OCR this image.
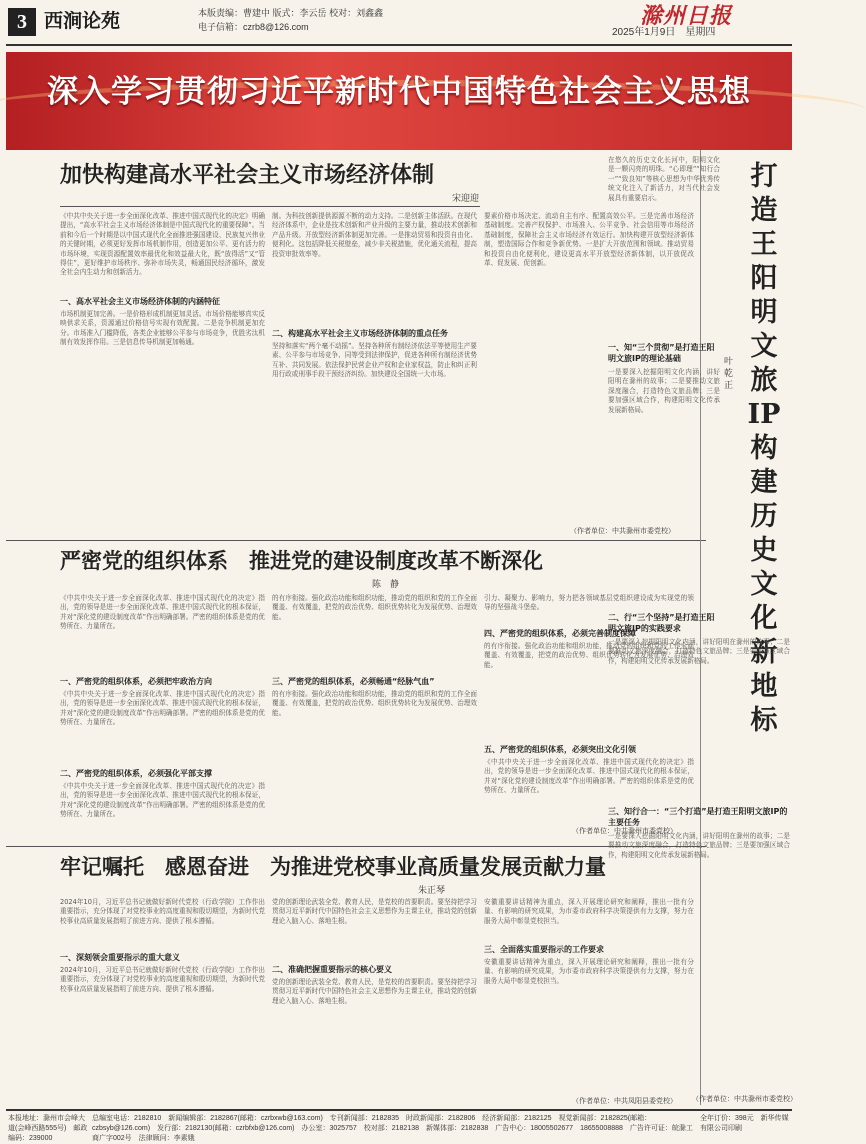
3 西涧论苑	本版责编：曹建中 版式：李云岳 校对：刘鑫鑫
电子信箱：czrb8@126.com	滁州日报
2025年1月9日　星期四
深入学习贯彻习近平新时代中国特色社会主义思想
加快构建高水平社会主义市场经济体制
宋迎迎
《中共中央关于进一步全面深化改革、推进中国式现代化的决定》明确提出，“高水平社会主义市场经济体制是中国式现代化的重要保障”。当前和今后一个时期是以中国式现代化全面推进强国建设、民族复兴伟业的关键时期，必须更好发挥市场机制作用，创造更加公平、更有活力的市场环境，实现资源配置效率最优化和效益最大化，既“放得活”又“管得住”，更好维护市场秩序、弥补市场失灵，畅通国民经济循环，激发全社会内生动力和创新活力。
一、高水平社会主义市场经济体制的内涵特征
市场机制更加完善。一是价格形成机制更加灵活。市场价格能够真实反映供求关系，资源通过价格信号实现有效配置。二是竞争机制更加充分。市场准入门槛降低，各类企业能够公平参与市场竞争，优胜劣汰机制有效发挥作用。三是信息传导机制更加畅通。
制。为科技创新提供源源不断的动力支持。二是创新主体活跃。在现代经济体系中，企业是技术创新和产业升级的主要力量，推动技术创新和产品升级。开放型经济新体制更加完善。一是推动贸易和投资自由化、便利化。这包括降低关税壁垒，减少非关税措施，优化通关流程，提高投资审批效率等。
二、构建高水平社会主义市场经济体制的重点任务
坚持和落实“两个毫不动摇”。坚持各种所有制经济依法平等使用生产要素、公平参与市场竞争、同等受到法律保护，促进各种所有制经济优势互补、共同发展。依法保护民营企业产权和企业家权益，防止和纠正利用行政或刑事手段干预经济纠纷。加快建设全国统一大市场。
要素价格市场决定、流动自主有序、配置高效公平。三是完善市场经济基础制度。完善产权保护、市场准入、公平竞争、社会信用等市场经济基础制度，保障社会主义市场经济有效运行。加快构建开放型经济新体制，塑造国际合作和竞争新优势。一是扩大开放范围和领域。推动贸易和投资自由化便利化，建设更高水平开放型经济新体制，以开放促改革、促发展、促创新。
（作者单位：中共滁州市委党校）
严密党的组织体系　推进党的建设制度改革不断深化
陈　静
《中共中央关于进一步全面深化改革、推进中国式现代化的决定》指出，党的领导是进一步全面深化改革、推进中国式现代化的根本保证，并对“深化党的建设制度改革”作出明确部署。严密的组织体系是党的优势所在、力量所在。
一、严密党的组织体系，必须把牢政治方向
《中共中央关于进一步全面深化改革、推进中国式现代化的决定》指出，党的领导是进一步全面深化改革、推进中国式现代化的根本保证，并对“深化党的建设制度改革”作出明确部署。严密的组织体系是党的优势所在、力量所在。
二、严密党的组织体系，必须强化平部支撑
《中共中央关于进一步全面深化改革、推进中国式现代化的决定》指出，党的领导是进一步全面深化改革、推进中国式现代化的根本保证，并对“深化党的建设制度改革”作出明确部署。严密的组织体系是党的优势所在、力量所在。
的有序衔接。强化政治功能和组织功能，推动党的组织和党的工作全面覆盖、有效覆盖，把党的政治优势、组织优势转化为发展优势、治理效能。
三、严密党的组织体系，必须畅通“经脉气血”
的有序衔接。强化政治功能和组织功能，推动党的组织和党的工作全面覆盖、有效覆盖，把党的政治优势、组织优势转化为发展优势、治理效能。
引力、凝聚力、影响力，努力把各领域基层党组织建设成为实现党的领导的坚强战斗堡垒。
四、严密党的组织体系，必须完善制度保障
的有序衔接。强化政治功能和组织功能，推动党的组织和党的工作全面覆盖、有效覆盖，把党的政治优势、组织优势转化为发展优势、治理效能。
五、严密党的组织体系，必须突出文化引领
《中共中央关于进一步全面深化改革、推进中国式现代化的决定》指出，党的领导是进一步全面深化改革、推进中国式现代化的根本保证，并对“深化党的建设制度改革”作出明确部署。严密的组织体系是党的优势所在、力量所在。
（作者单位：中共滁州市委党校）
牢记嘱托　感恩奋进　为推进党校事业高质量发展贡献力量
朱正琴
2024年10月，习近平总书记就做好新时代党校（行政学院）工作作出重要指示，充分体现了对党校事业的高度重视和殷切期望，为新时代党校事业高质量发展指明了前进方向、提供了根本遵循。
一、深刻领会重要指示的重大意义
2024年10月，习近平总书记就做好新时代党校（行政学院）工作作出重要指示，充分体现了对党校事业的高度重视和殷切期望，为新时代党校事业高质量发展指明了前进方向、提供了根本遵循。
党的创新理论武装全党、教育人民，是党校的首要职责。要坚持把学习贯彻习近平新时代中国特色社会主义思想作为主课主业，推动党的创新理论入脑入心、落地生根。
二、准确把握重要指示的核心要义
党的创新理论武装全党、教育人民，是党校的首要职责。要坚持把学习贯彻习近平新时代中国特色社会主义思想作为主课主业，推动党的创新理论入脑入心、落地生根。
安徽重要讲话精神为重点，深入开展理论研究和阐释，推出一批有分量、有影响的研究成果，为市委市政府科学决策提供有力支撑，努力在服务大局中彰显党校担当。
三、全面落实重要指示的工作要求
安徽重要讲话精神为重点，深入开展理论研究和阐释，推出一批有分量、有影响的研究成果，为市委市政府科学决策提供有力支撑，努力在服务大局中彰显党校担当。
（作者单位：中共凤阳县委党校）
打造王阳明文旅IP　构建历史文化新地标
叶乾正
在悠久的历史文化长河中，阳明文化是一颗闪亮的明珠。“心即理”“知行合一”“致良知”等核心思想为中华优秀传统文化注入了新活力，对当代社会发展具有重要启示。
一、知“三个贯彻”是打造王阳明文旅IP的理论基础
一是要深入挖掘阳明文化内涵，讲好阳明在滁州的故事；二是要推动文旅深度融合，打造特色文旅品牌；三是要加强区域合作，构建阳明文化传承发展新格局。
二、行“三个坚持”是打造王阳明文旅IP的实践要求
一是要深入挖掘阳明文化内涵，讲好阳明在滁州的故事；二是要推动文旅深度融合，打造特色文旅品牌；三是要加强区域合作，构建阳明文化传承发展新格局。
三、知行合一：“三个打造”是打造王阳明文旅IP的主要任务
一是要深入挖掘阳明文化内涵，讲好阳明在滁州的故事；二是要推动文旅深度融合，打造特色文旅品牌；三是要加强区域合作，构建阳明文化传承发展新格局。
（作者单位：中共滁州市委党校）
本报地址：滁州市会峰大道(会峰西路555号)　邮政编码：239000
总编室电话：2182810　新闻编辑部：2182867(邮箱：czrbxwb@163.com)　专刊新闻部：2182835　时政新闻部：2182806　经济新闻部：2182125　视觉新闻部：2182825(邮箱：czbsyb@126.com)　发行部：2182130(邮箱：czrbfxb@126.com)　办公室：3025757　校对部：2182138　新媒体部：2182838　广告中心：18005502677　18655008888　广告许可证：皖滁工商广字002号　法律顾问：李素娥
全年订价：398元　新华传媒有限公司印刷
